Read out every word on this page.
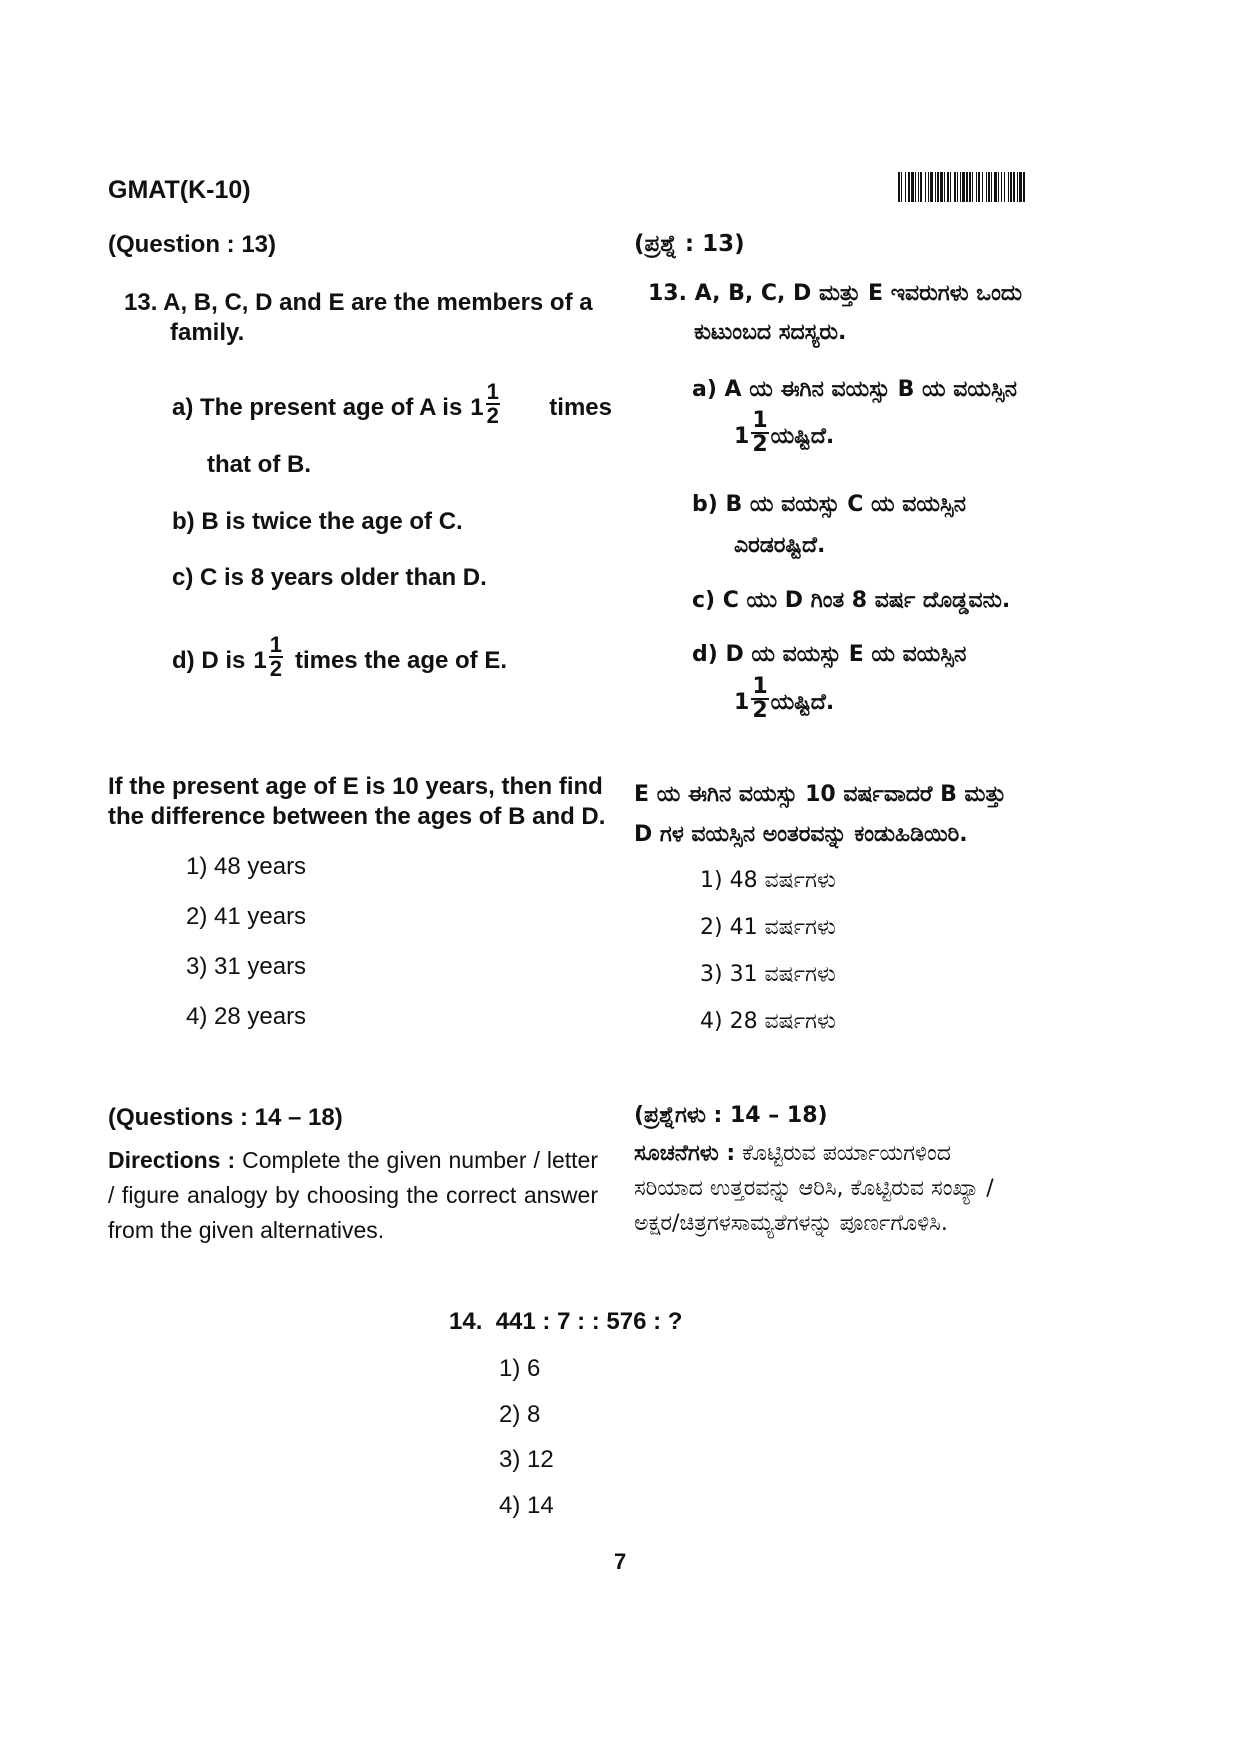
GMAT(K-10)
(Question : 13)
13. A, B, C, D and E are the members of a family.
a) The present age of A is $1 \frac{1}{2}$ times
that of B.
b) B is twice the age of C.
c) C is 8 years older than D.
d) D is $1 \frac{1}{2}$ times the age of E.
If the present age of E is 10 years, then find the difference between the ages of B and D.
1) 48 years
2) 41 years
3) 31 years
4) 28 years
(ಪ್ರಶ್ನೆ : 13)
13. A, B, C, D ಮತ್ತು E ಇವರುಗಳು ಒಂದು
ಕುಟುಂಬದ ಸದಸ್ಯರು.
a) A ಯ ಈಗಿನ ವಯಸ್ಸು B ಯ ವಯಸ್ಸಿನ
$1 \frac{1}{2}$ ಯಷ್ಟಿದೆ.
b) B ಯ ವಯಸ್ಸು C ಯ ವಯಸ್ಸಿನ
ಎರಡರಷ್ಟಿದೆ.
c) C ಯು D ಗಿಂತ 8 ವರ್ಷ ದೊಡ್ಡವನು.
d) D ಯ ವಯಸ್ಸು E ಯ ವಯಸ್ಸಿನ
$1 \frac{1}{2}$ ಯಷ್ಟಿದೆ.
E ಯ ಈಗಿನ ವಯಸ್ಸು 10 ವರ್ಷವಾದರೆ B ಮತ್ತು
D ಗಳ ವಯಸ್ಸಿನ ಅಂತರವನ್ನು ಕಂಡುಹಿಡಿಯಿರಿ.
1) 48 ವರ್ಷಗಳು
2) 41 ವರ್ಷಗಳು
3) 31 ವರ್ಷಗಳು
4) 28 ವರ್ಷಗಳು
(Questions : 14 – 18)
Directions : Complete the given number / letter / figure analogy by choosing the correct answer from the given alternatives.
(ಪ್ರಶ್ನೆಗಳು : 14 – 18)
ಸೂಚನೆಗಳು : ಕೊಟ್ಟಿರುವ ಪರ್ಯಾಯಗಳಿಂದ
ಸರಿಯಾದ ಉತ್ತರವನ್ನು ಆರಿಸಿ, ಕೊಟ್ಟಿರುವ ಸಂಖ್ಯಾ /
ಅಕ್ಷರ/ಚಿತ್ರಗಳಸಾಮ್ಯತೆಗಳನ್ನು ಪೂರ್ಣಗೊಳಿಸಿ.
14.  441 : 7 : : 576 : ?
1) 6
2) 8
3) 12
4) 14
7
